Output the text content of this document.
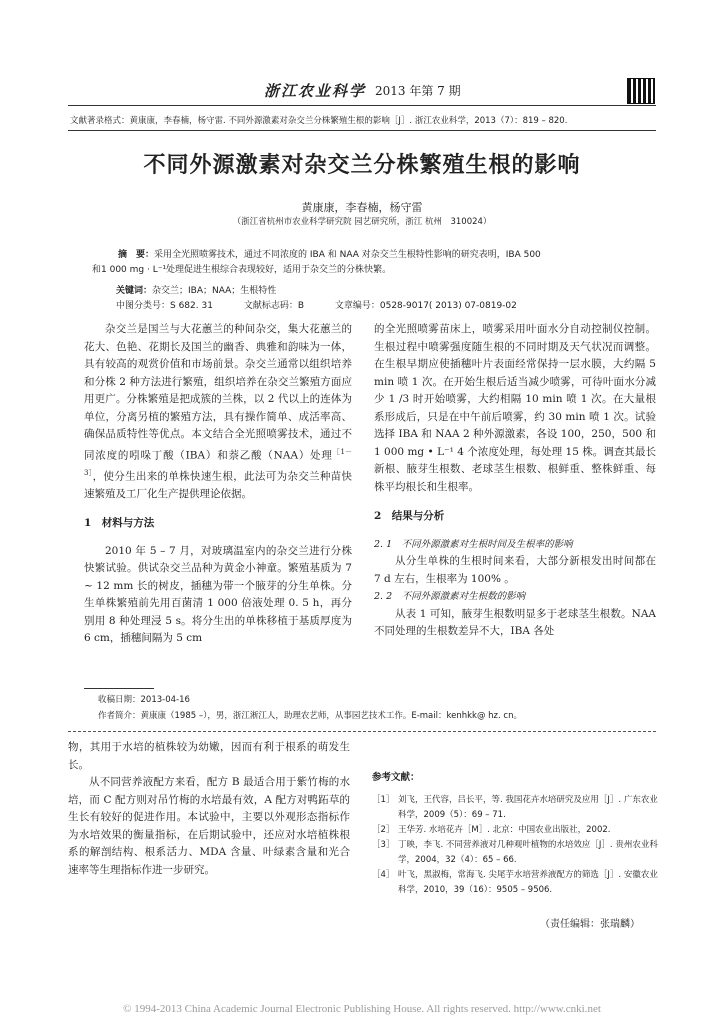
浙江农业科学 2013 年第 7 期
文献著录格式：黄康康，李春楠，杨守雷. 不同外源激素对杂交兰分株繁殖生根的影响［J］. 浙江农业科学，2013（7）：819 – 820.
不同外源激素对杂交兰分株繁殖生根的影响
黄康康，李春楠，杨守雷
（浙江省杭州市农业科学研究院 园艺研究所，浙江 杭州　310024）

摘　要：采用全光照喷雾技术，通过不同浓度的 IBA 和 NAA 对杂交兰生根特性影响的研究表明，IBA 500

和1 000 mg · L⁻¹处理促进生根综合表现较好，适用于杂交兰的分株快繁。

关键词：杂交兰；IBA；NAA；生根特性
中图分类号：S 682. 31	文献标志码：B	文章编号：0528-9017( 2013) 07-0819-02

杂交兰是国兰与大花蕙兰的种间杂交，集大花蕙兰的花大、色艳、花期长及国兰的幽香、典雅和韵味为一体，具有较高的观赏价值和市场前景。杂交兰通常以组织培养和分株 2 种方法进行繁殖，组织培养在杂交兰繁殖方面应用更广。分株繁殖是把成簇的兰株，以 2 代以上的连体为单位，分离另植的繁殖方法，具有操作简单、成活率高、确保品质特性等优点。本文结合全光照喷雾技术，通过不同浓度的吲哚丁酸（IBA）和萘乙酸（NAA）处理$^{[1-3]}$，使分生出来的单株快速生根，此法可为杂交兰种苗快速繁殖及工厂化生产提供理论依据。

1　材料与方法

2010 年 5 – 7 月，对玻璃温室内的杂交兰进行分株快繁试验。供试杂交兰品种为黄金小神童。繁殖基质为 7 ~ 12 mm 长的树皮，插穗为带一个腋芽的分生单株。分生单株繁殖前先用百菌清 1 000 倍液处理 0. 5 h，再分别用 8 种处理浸 5 s。将分生出的单株移植于基质厚度为 6 cm，插穗间隔为 5 cm

的全光照喷雾苗床上，喷雾采用叶面水分自动控制仪控制。生根过程中喷雾强度随生根的不同时期及天气状况而调整。在生根早期应使插穗叶片表面经常保持一层水膜，大约隔 5 min 喷 1 次。在开始生根后适当减少喷雾，可待叶面水分减少 1 /3 时开始喷雾，大约相隔 10 min 喷 1 次。在大量根系形成后，只是在中午前后喷雾，约 30 min 喷 1 次。试验选择 IBA 和 NAA 2 种外源激素，各设 100，250，500 和 1 000 mg • L⁻¹ 4 个浓度处理，每处理 15 株。调查其最长新根、腋芽生根数、老球茎生根数、根鲜重、整株鲜重、每株平均根长和生根率。

2　结果与分析
2. 1　不同外源激素对生根时间及生根率的影响

从分生单株的生根时间来看，大部分新根发出时间都在 7 d 左右，生根率为 100% 。

2. 2　不同外源激素对生根数的影响

从表 1 可知，腋芽生根数明显多于老球茎生根数。NAA 不同处理的生根数差异不大，IBA 各处

收稿日期：2013-04-16
作者简介：黄康康（1985 –），男，浙江淅江人，助理农艺师，从事园艺技术工作。E-mail：kenhkk@ hz. cn。

物，其用于水培的植株较为幼嫩，因而有利于根系的萌发生长。

从不同营养液配方来看，配方 B 最适合用于紫竹梅的水培，而 C 配方则对吊竹梅的水培最有效，A 配方对鸭跖草的生长有较好的促进作用。本试验中，主要以外观形态指标作为水培效果的衡量指标，在后期试验中，还应对水培植株根系的解剖结构、根系活力、MDA 含量、叶绿素含量和光合速率等生理指标作进一步研究。

参考文献：
［1］ 刘飞，王代容，吕长平，等. 我国花卉水培研究及应用［J］. 广东农业科学，2009（5）：69 – 71.
［2］ 王华芳. 水培花卉［M］. 北京：中国农业出版社，2002.
［3］ 丁映，李飞. 不同营养液对几种观叶植物的水培效应［J］. 贵州农业科学，2004，32（4）：65 – 66.
［4］ 叶飞，黑淑梅，常海飞. 尖尾芋水培营养液配方的筛选［J］. 安徽农业科学，2010，39（16）：9505 – 9506.
（责任编辑：张瑞麟）
© 1994-2013 China Academic Journal Electronic Publishing House. All rights reserved. http://www.cnki.net
